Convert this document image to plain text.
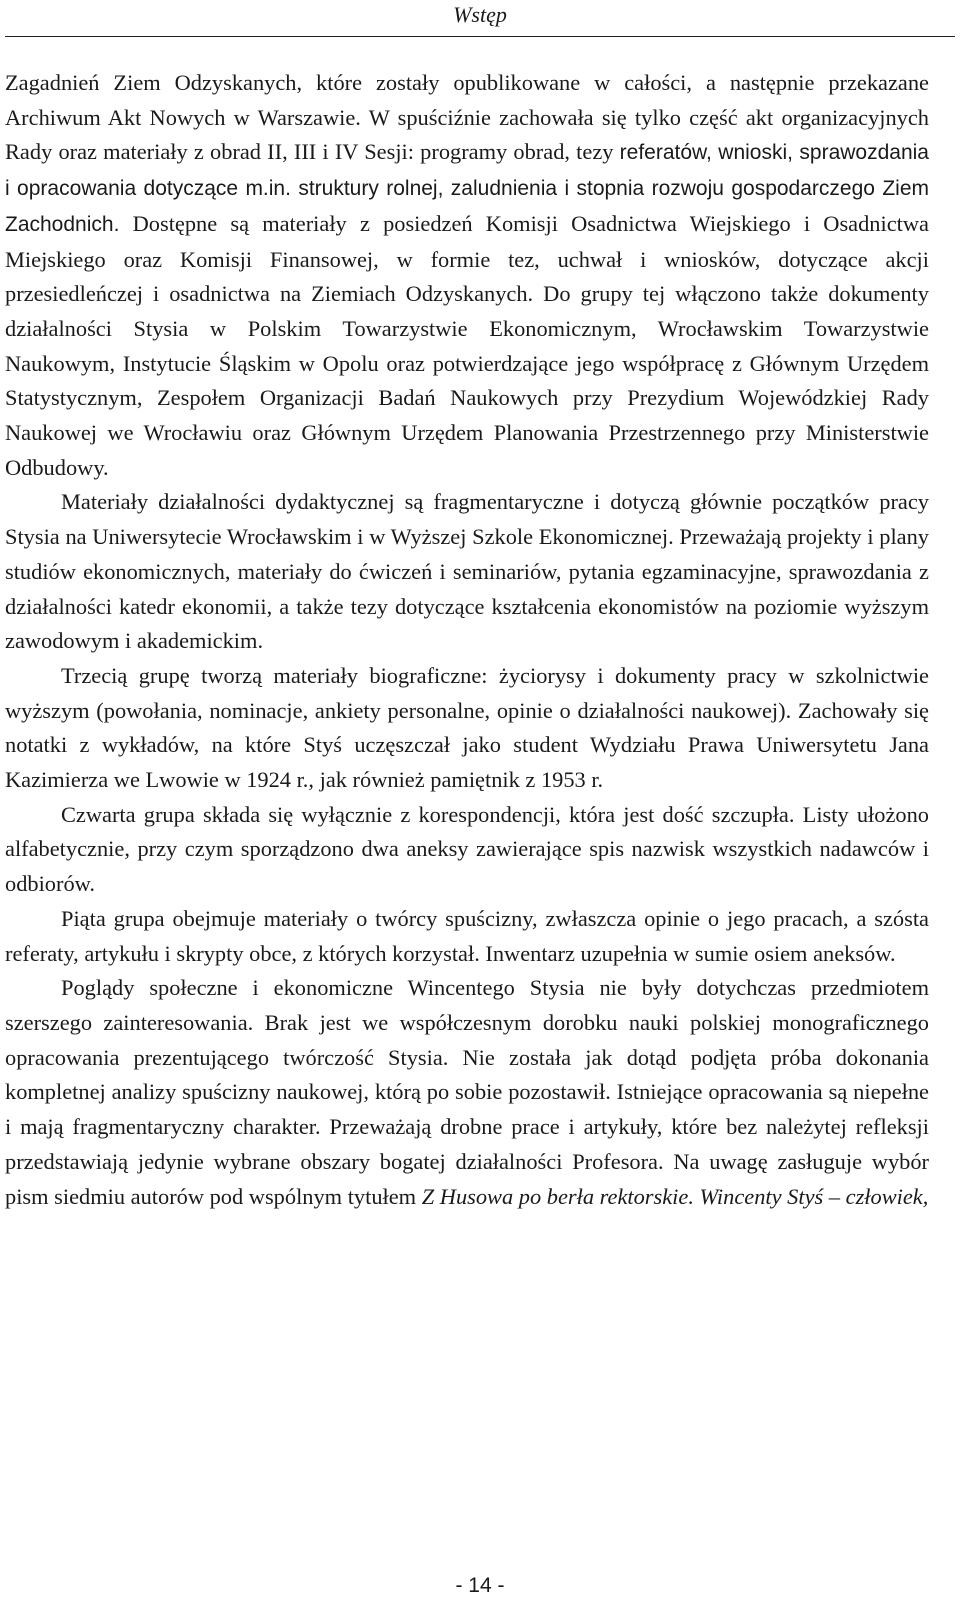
Wstęp

Zagadnień Ziem Odzyskanych, które zostały opublikowane w całości, a następnie przekazane Archiwum Akt Nowych w Warszawie. W spuściźnie zachowała się tylko część akt organizacyjnych Rady oraz materiały z obrad II, III i IV Sesji: programy obrad, tezy referatów, wnioski, sprawozdania i opracowania dotyczące m.in. struktury rolnej, zaludnienia i stopnia rozwoju gospodarczego Ziem Zachodnich. Dostępne są materiały z posiedzeń Komisji Osadnictwa Wiejskiego i Osadnictwa Miejskiego oraz Komisji Finansowej, w formie tez, uchwał i wniosków, dotyczące akcji przesiedleńczej i osadnictwa na Ziemiach Odzyskanych. Do grupy tej włączono także dokumenty działalności Stysia w Polskim Towarzystwie Ekonomicznym, Wrocławskim Towarzystwie Naukowym, Instytucie Śląskim w Opolu oraz potwierdzające jego współpracę z Głównym Urzędem Statystycznym, Zespołem Organizacji Badań Naukowych przy Prezydium Wojewódzkiej Rady Naukowej we Wrocławiu oraz Głównym Urzędem Planowania Przestrzennego przy Ministerstwie Odbudowy.

Materiały działalności dydaktycznej są fragmentaryczne i dotyczą głównie początków pracy Stysia na Uniwersytecie Wrocławskim i w Wyższej Szkole Ekonomicznej. Przeważają projekty i plany studiów ekonomicznych, materiały do ćwiczeń i seminariów, pytania egzaminacyjne, sprawozdania z działalności katedr ekonomii, a także tezy dotyczące kształcenia ekonomistów na poziomie wyższym zawodowym i akademickim.

Trzecią grupę tworzą materiały biograficzne: życiorysy i dokumenty pracy w szkolnictwie wyższym (powołania, nominacje, ankiety personalne, opinie o działalności naukowej). Zachowały się notatki z wykładów, na które Styś uczęszczał jako student Wydziału Prawa Uniwersytetu Jana Kazimierza we Lwowie w 1924 r., jak również pamiętnik z 1953 r.

Czwarta grupa składa się wyłącznie z korespondencji, która jest dość szczupła. Listy ułożono alfabetycznie, przy czym sporządzono dwa aneksy zawierające spis nazwisk wszystkich nadawców i odbiorów.

Piąta grupa obejmuje materiały o twórcy spuścizny, zwłaszcza opinie o jego pracach, a szósta referaty, artykułu i skrypty obce, z których korzystał. Inwentarz uzupełnia w sumie osiem aneksów.

Poglądy społeczne i ekonomiczne Wincentego Stysia nie były dotychczas przedmiotem szerszego zainteresowania. Brak jest we współczesnym dorobku nauki polskiej monograficznego opracowania prezentującego twórczość Stysia. Nie została jak dotąd podjęta próba dokonania kompletnej analizy spuścizny naukowej, którą po sobie pozostawił. Istniejące opracowania są niepełne i mają fragmentaryczny charakter. Przeważają drobne prace i artykuły, które bez należytej refleksji przedstawiają jedynie wybrane obszary bogatej działalności Profesora. Na uwagę zasługuje wybór pism siedmiu autorów pod wspólnym tytułem Z Husowa po berła rektorskie. Wincenty Styś – człowiek,

- 14 -
